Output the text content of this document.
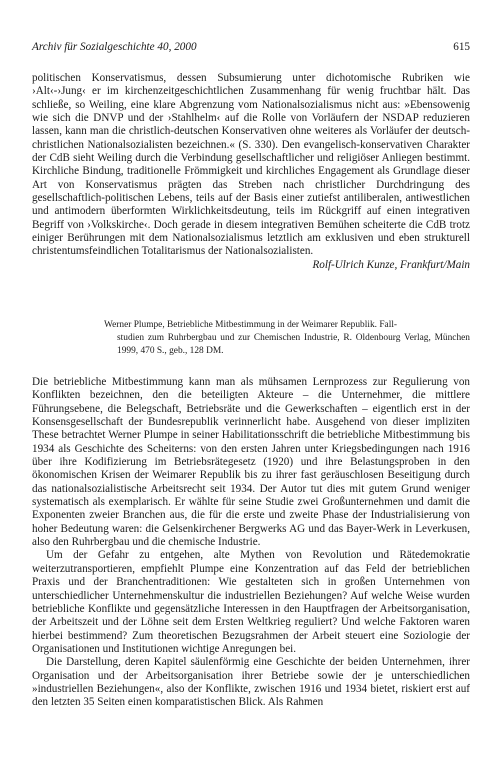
Archiv für Sozialgeschichte 40, 2000	615

politischen Konservatismus, dessen Subsumierung unter dichotomische Rubriken wie ›Alt‹-›Jung‹ er im kirchenzeitgeschichtlichen Zusammenhang für wenig fruchtbar hält. Das schließe, so Weiling, eine klare Abgrenzung vom Nationalsozialismus nicht aus: »Ebensowenig wie sich die DNVP und der ›Stahlhelm‹ auf die Rolle von Vorläufern der NSDAP reduzieren lassen, kann man die christlich-deutschen Konservativen ohne weiteres als Vorläufer der deutsch-christlichen Nationalsozialisten bezeichnen.« (S. 330). Den evangelisch-konservativen Charakter der CdB sieht Weiling durch die Verbindung gesellschaftlicher und religiöser Anliegen bestimmt. Kirchliche Bindung, traditionelle Frömmigkeit und kirchliches Engagement als Grundlage dieser Art von Konservatismus prägten das Streben nach christlicher Durchdringung des gesellschaftlich-politischen Lebens, teils auf der Basis einer zutiefst antiliberalen, antiwestlichen und antimodern überformten Wirklichkeitsdeutung, teils im Rückgriff auf einen integrativen Begriff von ›Volkskirche‹. Doch gerade in diesem integrativen Bemühen scheiterte die CdB trotz einiger Berührungen mit dem Nationalsozialismus letztlich am exklusiven und eben strukturell christentumsfeindlichen Totalitarismus der Nationalsozialisten.

Rolf-Ulrich Kunze, Frankfurt/Main
Werner Plumpe, Betriebliche Mitbestimmung in der Weimarer Republik. Fall-
studien zum Ruhrbergbau und zur Chemischen Industrie, R. Oldenbourg Verlag, München 1999, 470 S., geb., 128 DM.

Die betriebliche Mitbestimmung kann man als mühsamen Lernprozess zur Regulierung von Konflikten bezeichnen, den die beteiligten Akteure – die Unternehmer, die mittlere Führungsebene, die Belegschaft, Betriebsräte und die Gewerkschaften – eigentlich erst in der Konsensgesellschaft der Bundesrepublik verinnerlicht habe. Ausgehend von dieser impliziten These betrachtet Werner Plumpe in seiner Habilitationsschrift die betriebliche Mitbestimmung bis 1934 als Geschichte des Scheiterns: von den ersten Jahren unter Kriegsbedingungen nach 1916 über ihre Kodifizierung im Betriebsrätegesetz (1920) und ihre Belastungsproben in den ökonomischen Krisen der Weimarer Republik bis zu ihrer fast geräuschlosen Beseitigung durch das nationalsozialistische Arbeitsrecht seit 1934. Der Autor tut dies mit gutem Grund weniger systematisch als exemplarisch. Er wählte für seine Studie zwei Großunternehmen und damit die Exponenten zweier Branchen aus, die für die erste und zweite Phase der Industrialisierung von hoher Bedeutung waren: die Gelsenkirchener Bergwerks AG und das Bayer-Werk in Leverkusen, also den Ruhrbergbau und die chemische Industrie.

Um der Gefahr zu entgehen, alte Mythen von Revolution und Rätedemokratie weiterzutransportieren, empfiehlt Plumpe eine Konzentration auf das Feld der betrieblichen Praxis und der Branchentraditionen: Wie gestalteten sich in großen Unternehmen von unterschiedlicher Unternehmenskultur die industriellen Beziehungen? Auf welche Weise wurden betriebliche Konflikte und gegensätzliche Interessen in den Hauptfragen der Arbeitsorganisation, der Arbeitszeit und der Löhne seit dem Ersten Weltkrieg reguliert? Und welche Faktoren waren hierbei bestimmend? Zum theoretischen Bezugsrahmen der Arbeit steuert eine Soziologie der Organisationen und Institutionen wichtige Anregungen bei.

Die Darstellung, deren Kapitel säulenförmig eine Geschichte der beiden Unternehmen, ihrer Organisation und der Arbeitsorganisation ihrer Betriebe sowie der je unterschiedlichen »industriellen Beziehungen«, also der Konflikte, zwischen 1916 und 1934 bietet, riskiert erst auf den letzten 35 Seiten einen komparatistischen Blick. Als Rahmen
